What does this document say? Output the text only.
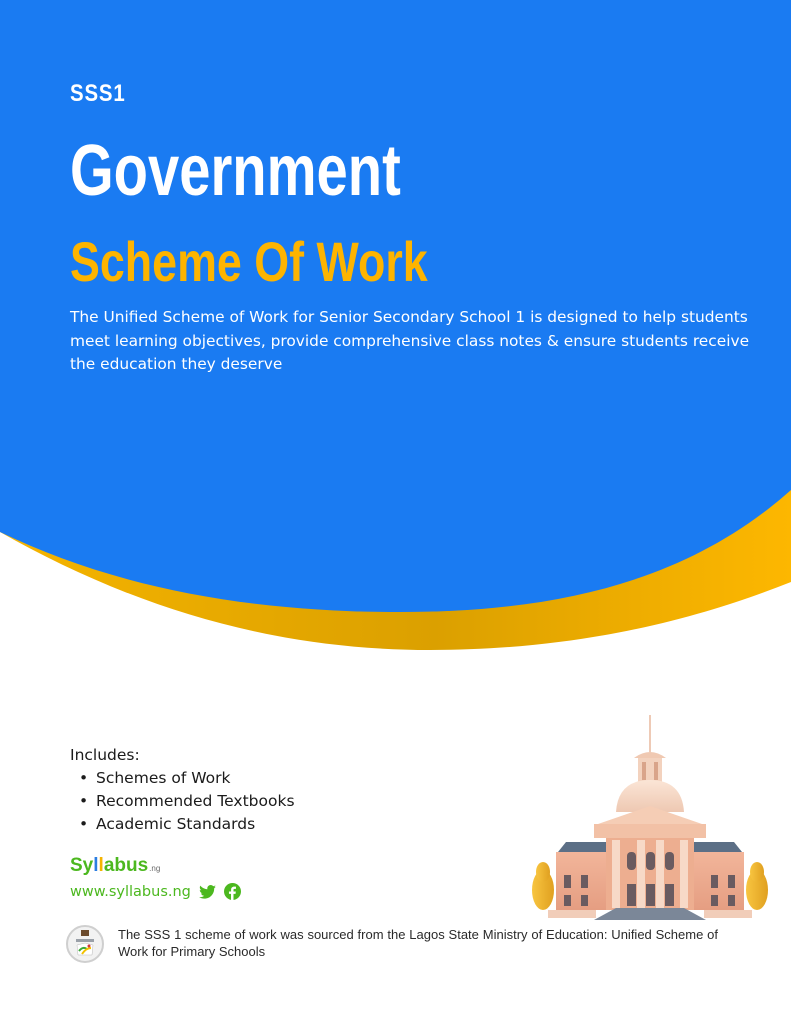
SSS1
Government
Scheme Of Work
The Unified Scheme of Work for Senior Secondary School 1 is designed to help students meet learning objectives, provide comprehensive class notes & ensure students receive the education they deserve
Includes:
• Schemes of Work
• Recommended Textbooks
• Academic Standards
Sy l l abus .ng
www.syllabus.ng
The SSS 1 scheme of work was sourced from the Lagos State Ministry of Education: Unified Scheme of Work for Primary Schools
